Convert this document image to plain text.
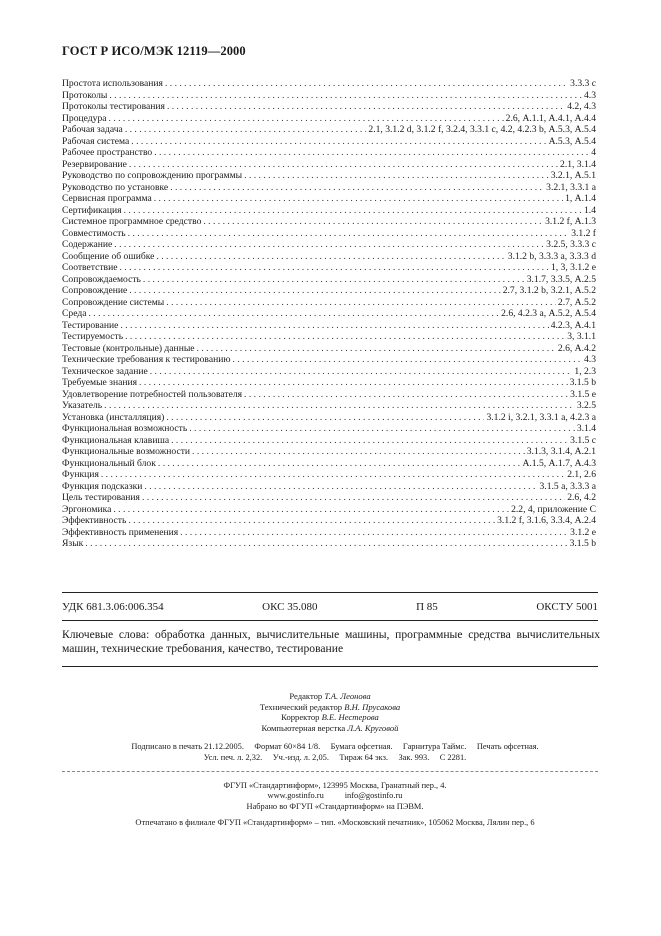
ГОСТ Р ИСО/МЭК 12119—2000
Простота использования . . .	3.3.3 c
Протоколы . . .	4.3
Протоколы тестирования . . .	4.2, 4.3
Процедура . . .	2.6, А.1.1, А.4.1, А.4.4
Рабочая задача . . .	2.1, 3.1.2 d, 3.1.2 f, 3.2.4, 3.3.1 c, 4.2, 4.2.3 b, А.5.3, А.5.4
Рабочая система . . .	А.5.3, А.5.4
Рабочее пространство . . .	4
Резервирование . . .	2.1, 3.1.4
Руководство по сопровождению программы . . .	3.2.1, А.5.1
Руководство по установке . . .	3.2.1, 3.3.1 a
Сервисная программа . . .	1, А.1.4
Сертификация . . .	1.4
Системное программное средство . . .	3.1.2 f, А.1.3
Совместимость . . .	3.1.2 f
Содержание . . .	3.2.5, 3.3.3 c
Сообщение об ошибке . . .	3.1.2 b, 3.3.3 a, 3.3.3 d
Соответствие . . .	1, 3, 3.1.2 e
Сопровождаемость . . .	3.1.7, 3.3.5, А.2.5
Сопровождение . . .	2.7, 3.1.2 b, 3.2.1, А.5.2
Сопровождение системы . . .	2.7, А.5.2
Среда . . .	2.6, 4.2.3 a, А.5.2, А.5.4
Тестирование . . .	4.2.3, А.4.1
Тестируемость . . .	3, 3.1.1
Тестовые (контрольные) данные . . .	2.6, А.4.2
Технические требования к тестированию . . .	4.3
Техническое задание . . .	1, 2.3
Требуемые знания . . .	3.1.5 b
Удовлетворение потребностей пользователя . . .	3.1.5 e
Указатель . . .	3.2.5
Установка (инсталляция) . . .	3.1.2 i, 3.2.1, 3.3.1 a, 4.2.3 a
Функциональная возможность . . .	3.1.4
Функциональная клавиша . . .	3.1.5 c
Функциональные возможности . . .	3.1.3, 3.1.4, А.2.1
Функциональный блок . . .	А.1.5, А.1.7, А.4.3
Функция . . .	2.1, 2.6
Функция подсказки . . .	3.1.5 a, 3.3.3 a
Цель тестирования . . .	2.6, 4.2
Эргономика . . .	2.2, 4, приложение C
Эффективность . . .	3.1.2 f, 3.1.6, 3.3.4, А.2.4
Эффективность применения . . .	3.1.2 e
Язык . . .	3.1.5 b
УДК 681.3.06:006.354	ОКС 35.080	П 85	ОКСТУ 5001
Ключевые слова: обработка данных, вычислительные машины, программные средства вычислительных машин, технические требования, качество, тестирование
Редактор Т.А. Леонова
Технический редактор В.Н. Прусакова
Корректор В.Е. Нестерова
Компьютерная верстка Л.А. Круговой
Подписано в печать 21.12.2005.     Формат 60×84 1/8.     Бумага офсетная.     Гарнитура Таймс.     Печать офсетная.
Усл. печ. л. 2,32.     Уч.-изд. л. 2,05.     Тираж 64 экз.     Зак. 993.     С 2281.
ФГУП «Стандартинформ», 123995 Москва, Гранатный пер., 4.
www.gostinfo.ru          info@gostinfo.ru
Набрано во ФГУП «Стандартинформ» на ПЭВМ.
Отпечатано в филиале ФГУП «Стандартинформ» – тип. «Московский печатник», 105062 Москва, Лялин пер., 6
